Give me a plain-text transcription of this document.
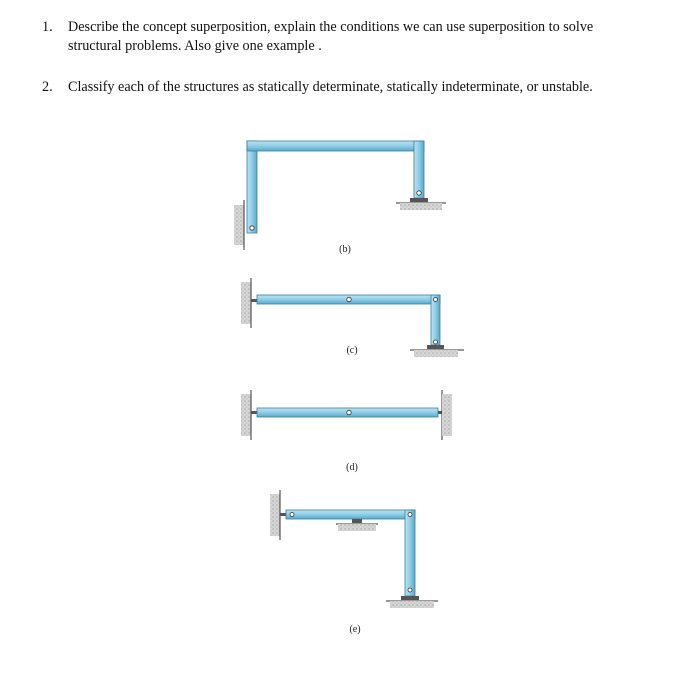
1. Describe the concept superposition, explain the conditions we can use superposition to solve
structural problems. Also give one example .
2. Classify each of the structures as statically determinate, statically indeterminate, or unstable.
(b)
(c)
(d)
(e)
